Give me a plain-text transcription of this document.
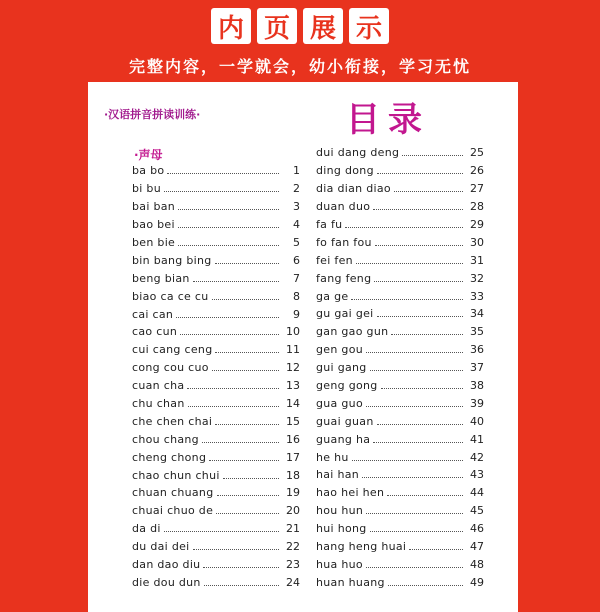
内 页 展 示
完整内容，一学就会，幼小衔接，学习无忧
·汉语拼音拼读训练·	目录
·声母
ba bo	1
bi bu	2
bai ban	3
bao bei	4
ben bie	5
bin bang bing	6
beng bian	7
biao ca ce cu	8
cai can	9
cao cun	10
cui cang ceng	11
cong cou cuo	12
cuan cha	13
chu chan	14
che chen chai	15
chou chang	16
cheng chong	17
chao chun chui	18
chuan chuang	19
chuai chuo de	20
da di	21
du dai dei	22
dan dao diu	23
die dou dun	24
dui dang deng	25
ding dong	26
dia dian diao	27
duan duo	28
fa fu	29
fo fan fou	30
fei fen	31
fang feng	32
ga ge	33
gu gai gei	34
gan gao gun	35
gen gou	36
gui gang	37
geng gong	38
gua guo	39
guai guan	40
guang ha	41
he hu	42
hai han	43
hao hei hen	44
hou hun	45
hui hong	46
hang heng huai	47
hua huo	48
huan huang	49
